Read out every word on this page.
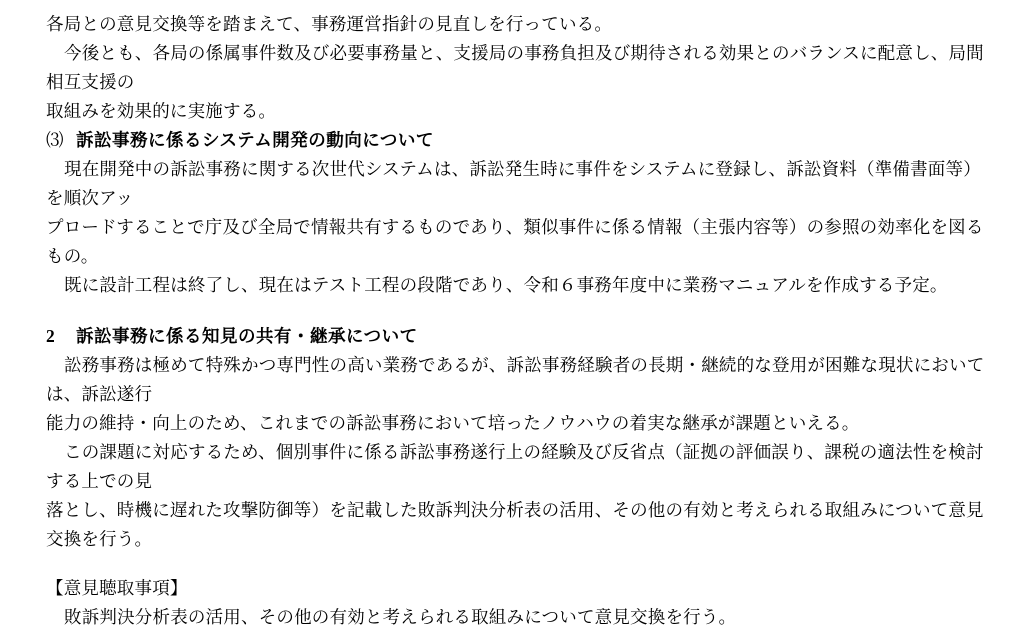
各局との意見交換等を踏まえて、事務運営指針の見直しを行っている。
今後とも、各局の係属事件数及び必要事務量と、支援局の事務負担及び期待される効果とのバランスに配意し、局間相互支援の
取組みを効果的に実施する。
⑶ 訴訟事務に係るシステム開発の動向について
現在開発中の訴訟事務に関する次世代システムは、訴訟発生時に事件をシステムに登録し、訴訟資料（準備書面等）を順次アッ
プロードすることで庁及び全局で情報共有するものであり、類似事件に係る情報（主張内容等）の参照の効率化を図るもの。
既に設計工程は終了し、現在はテスト工程の段階であり、令和６事務年度中に業務マニュアルを作成する予定。
2	訴訟事務に係る知見の共有・継承について
訟務事務は極めて特殊かつ専門性の高い業務であるが、訴訟事務経験者の長期・継続的な登用が困難な現状においては、訴訟遂行
能力の維持・向上のため、これまでの訴訟事務において培ったノウハウの着実な継承が課題といえる。
この課題に対応するため、個別事件に係る訴訟事務遂行上の経験及び反省点（証拠の評価誤り、課税の適法性を検討する上での見
落とし、時機に遅れた攻撃防御等）を記載した敗訴判決分析表の活用、その他の有効と考えられる取組みについて意見交換を行う。
【意見聴取事項】
敗訴判決分析表の活用、その他の有効と考えられる取組みについて意見交換を行う。
